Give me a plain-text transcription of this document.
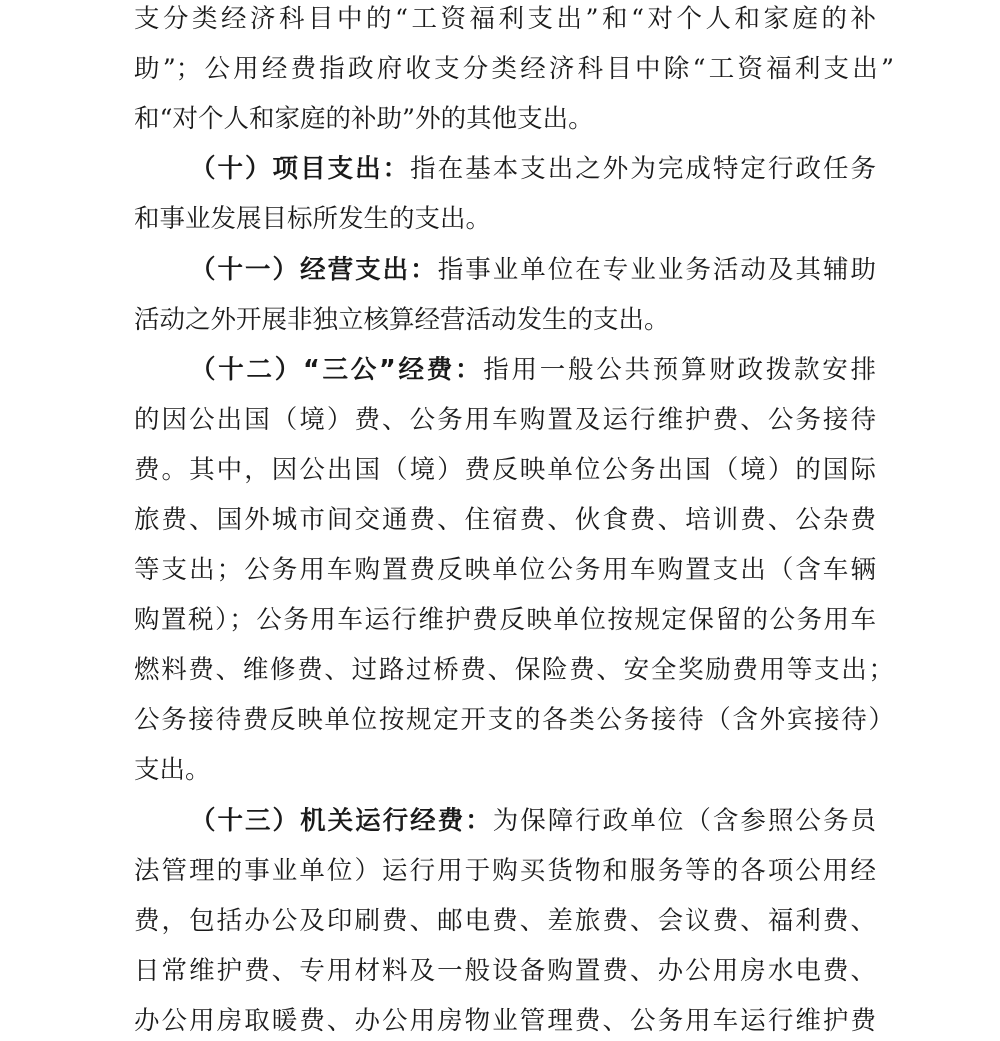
支分类经济科目中的“工资福利支出”和“对个人和家庭的补
助”；公用经费指政府收支分类经济科目中除“工资福利支出”
和“对个人和家庭的补助”外的其他支出。
（十）项目支出：指在基本支出之外为完成特定行政任务
和事业发展目标所发生的支出。
（十一）经营支出：指事业单位在专业业务活动及其辅助
活动之外开展非独立核算经营活动发生的支出。
（十二）“三公”经费：指用一般公共预算财政拨款安排
的因公出国（境）费、公务用车购置及运行维护费、公务接待
费。其中，因公出国（境）费反映单位公务出国（境）的国际
旅费、国外城市间交通费、住宿费、伙食费、培训费、公杂费
等支出；公务用车购置费反映单位公务用车购置支出（含车辆
购置税）；公务用车运行维护费反映单位按规定保留的公务用车
燃料费、维修费、过路过桥费、保险费、安全奖励费用等支出；
公务接待费反映单位按规定开支的各类公务接待（含外宾接待）
支出。
（十三）机关运行经费：为保障行政单位（含参照公务员
法管理的事业单位）运行用于购买货物和服务等的各项公用经
费，包括办公及印刷费、邮电费、差旅费、会议费、福利费、
日常维护费、专用材料及一般设备购置费、办公用房水电费、
办公用房取暖费、办公用房物业管理费、公务用车运行维护费
